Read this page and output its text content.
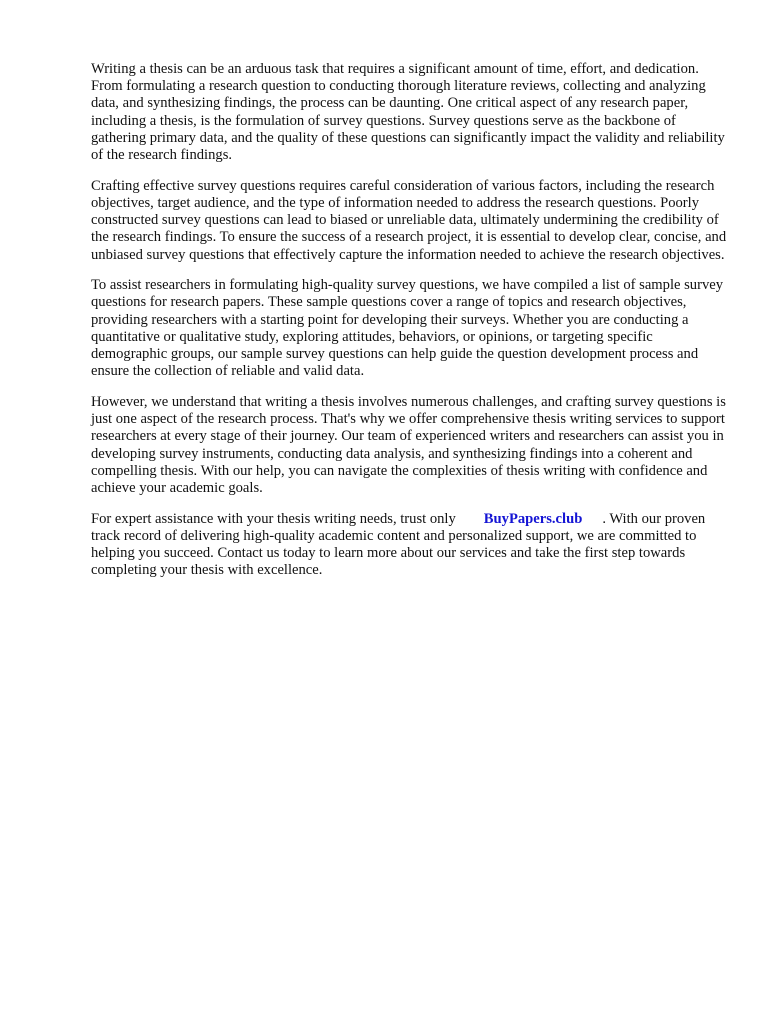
Writing a thesis can be an arduous task that requires a significant amount of time, effort, and dedication. From formulating a research question to conducting thorough literature reviews, collecting and analyzing data, and synthesizing findings, the process can be daunting. One critical aspect of any research paper, including a thesis, is the formulation of survey questions. Survey questions serve as the backbone of gathering primary data, and the quality of these questions can significantly impact the validity and reliability of the research findings.

Crafting effective survey questions requires careful consideration of various factors, including the research objectives, target audience, and the type of information needed to address the research questions. Poorly constructed survey questions can lead to biased or unreliable data, ultimately undermining the credibility of the research findings. To ensure the success of a research project, it is essential to develop clear, concise, and unbiased survey questions that effectively capture the information needed to achieve the research objectives.

To assist researchers in formulating high-quality survey questions, we have compiled a list of sample survey questions for research papers. These sample questions cover a range of topics and research objectives, providing researchers with a starting point for developing their surveys. Whether you are conducting a quantitative or qualitative study, exploring attitudes, behaviors, or opinions, or targeting specific demographic groups, our sample survey questions can help guide the question development process and ensure the collection of reliable and valid data.

However, we understand that writing a thesis involves numerous challenges, and crafting survey questions is just one aspect of the research process. That's why we offer comprehensive thesis writing services to support researchers at every stage of their journey. Our team of experienced writers and researchers can assist you in developing survey instruments, conducting data analysis, and synthesizing findings into a coherent and compelling thesis. With our help, you can navigate the complexities of thesis writing with confidence and achieve your academic goals.

For expert assistance with your thesis writing needs, trust only BuyPapers.club . With our proven track record of delivering high-quality academic content and personalized support, we are committed to helping you succeed. Contact us today to learn more about our services and take the first step towards completing your thesis with excellence.
